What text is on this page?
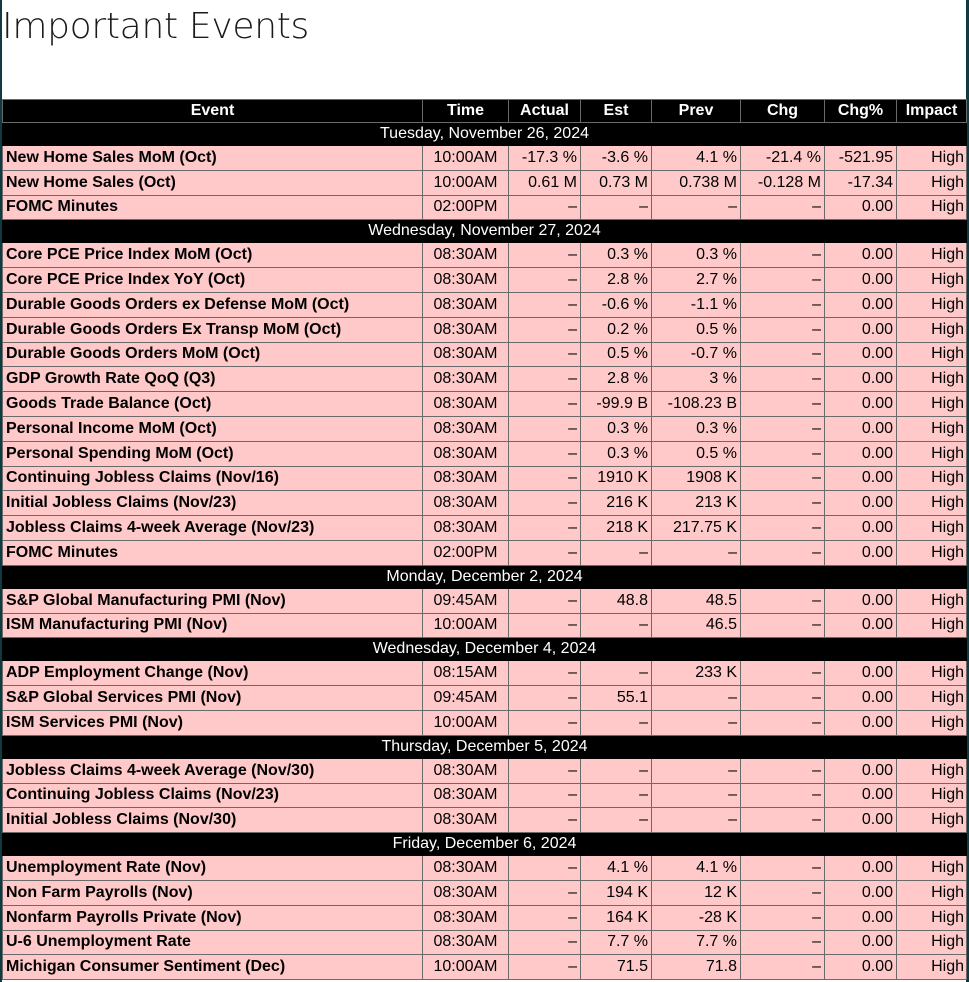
Important Events
Event	Time	Actual	Est	Prev	Chg	Chg%	Impact
Tuesday, November 26, 2024							
New Home Sales MoM (Oct)	10:00AM	-17.3 %	-3.6 %	4.1 %	-21.4 %	-521.95	High
New Home Sales (Oct)	10:00AM	0.61 M	0.73 M	0.738 M	-0.128 M	-17.34	High
FOMC Minutes	02:00PM	–	–	–	–	0.00	High
Wednesday, November 27, 2024							
Core PCE Price Index MoM (Oct)	08:30AM	–	0.3 %	0.3 %	–	0.00	High
Core PCE Price Index YoY (Oct)	08:30AM	–	2.8 %	2.7 %	–	0.00	High
Durable Goods Orders ex Defense MoM (Oct)	08:30AM	–	-0.6 %	-1.1 %	–	0.00	High
Durable Goods Orders Ex Transp MoM (Oct)	08:30AM	–	0.2 %	0.5 %	–	0.00	High
Durable Goods Orders MoM (Oct)	08:30AM	–	0.5 %	-0.7 %	–	0.00	High
GDP Growth Rate QoQ (Q3)	08:30AM	–	2.8 %	3 %	–	0.00	High
Goods Trade Balance (Oct)	08:30AM	–	-99.9 B	-108.23 B	–	0.00	High
Personal Income MoM (Oct)	08:30AM	–	0.3 %	0.3 %	–	0.00	High
Personal Spending MoM (Oct)	08:30AM	–	0.3 %	0.5 %	–	0.00	High
Continuing Jobless Claims (Nov/16)	08:30AM	–	1910 K	1908 K	–	0.00	High
Initial Jobless Claims (Nov/23)	08:30AM	–	216 K	213 K	–	0.00	High
Jobless Claims 4-week Average (Nov/23)	08:30AM	–	218 K	217.75 K	–	0.00	High
FOMC Minutes	02:00PM	–	–	–	–	0.00	High
Monday, December 2, 2024							
S&P Global Manufacturing PMI (Nov)	09:45AM	–	48.8	48.5	–	0.00	High
ISM Manufacturing PMI (Nov)	10:00AM	–	–	46.5	–	0.00	High
Wednesday, December 4, 2024							
ADP Employment Change (Nov)	08:15AM	–	–	233 K	–	0.00	High
S&P Global Services PMI (Nov)	09:45AM	–	55.1	–	–	0.00	High
ISM Services PMI (Nov)	10:00AM	–	–	–	–	0.00	High
Thursday, December 5, 2024							
Jobless Claims 4-week Average (Nov/30)	08:30AM	–	–	–	–	0.00	High
Continuing Jobless Claims (Nov/23)	08:30AM	–	–	–	–	0.00	High
Initial Jobless Claims (Nov/30)	08:30AM	–	–	–	–	0.00	High
Friday, December 6, 2024							
Unemployment Rate (Nov)	08:30AM	–	4.1 %	4.1 %	–	0.00	High
Non Farm Payrolls (Nov)	08:30AM	–	194 K	12 K	–	0.00	High
Nonfarm Payrolls Private (Nov)	08:30AM	–	164 K	-28 K	–	0.00	High
U-6 Unemployment Rate	08:30AM	–	7.7 %	7.7 %	–	0.00	High
Michigan Consumer Sentiment (Dec)	10:00AM	–	71.5	71.8	–	0.00	High
